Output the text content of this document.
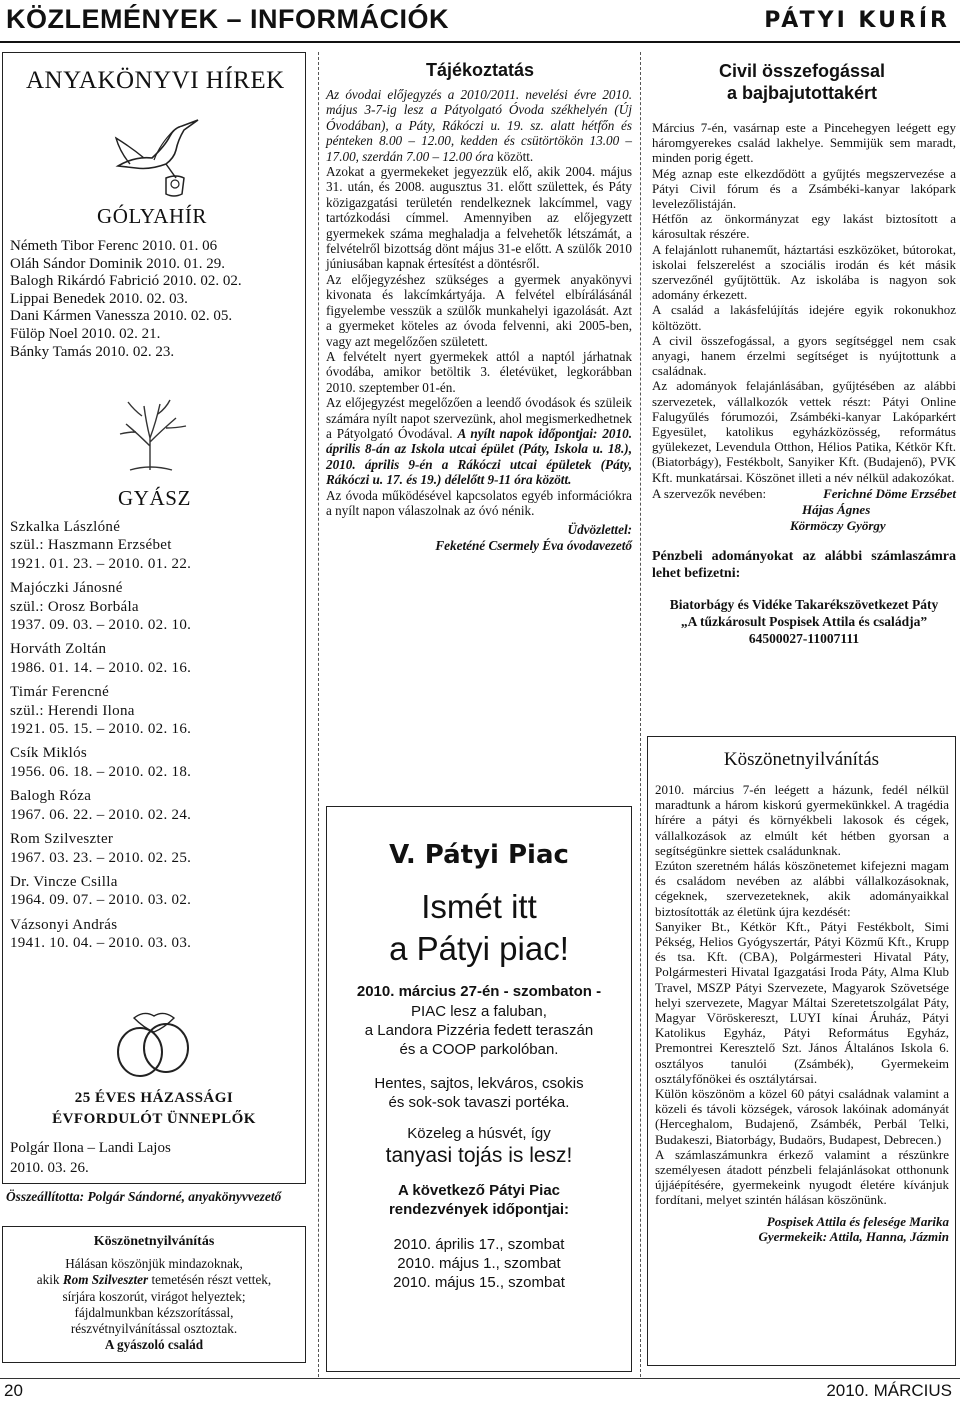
KÖZLEMÉNYEK – INFORMÁCIÓK	PÁTYI KURÍR
ANYAKÖNYVI HÍREK
GÓLYAHÍR
Németh Tibor Ferenc 2010. 01. 06
Oláh Sándor Dominik 2010. 01. 29.
Balogh Rikárdó Fabrició 2010. 02. 02.
Lippai Benedek 2010. 02. 03.
Dani Kármen Vanessza 2010. 02. 05.
Fülöp Noel 2010. 02. 21.
Bánky Tamás 2010. 02. 23.
GYÁSZ
Szkalka Lászlóné
szül.: Haszmann Erzsébet
1921. 01. 23. – 2010. 01. 22.
Majóczki Jánosné
szül.: Orosz Borbála
1937. 09. 03. – 2010. 02. 10.
Horváth Zoltán
1986. 01. 14. – 2010. 02. 16.
Timár Ferencné
szül.: Herendi Ilona
1921. 05. 15. – 2010. 02. 16.
Csík Miklós
1956. 06. 18. – 2010. 02. 18.
Balogh Róza
1967. 06. 22. – 2010. 02. 24.
Rom Szilveszter
1967. 03. 23. – 2010. 02. 25.
Dr. Vincze Csilla
1964. 09. 07. – 2010. 03. 02.
Vázsonyi András
1941. 10. 04. – 2010. 03. 03.
25 ÉVES HÁZASSÁGI
ÉVFORDULÓT ÜNNEPLŐK
Polgár Ilona – Landi Lajos
2010. 03. 26.
Összeállította: Polgár Sándorné, anyakönyvvezető
Köszönetnyilvánítás
Hálásan köszönjük mindazoknak,
akik Rom Szilveszter temetésén részt vettek,
sírjára koszorút, virágot helyeztek;
fájdalmunkban kézszorítással,
részvétnyilvánítással osztoztak.
A gyászoló család
Tájékoztatás

Az óvodai előjegyzés a 2010/2011. nevelési évre 2010. május 3-7-ig lesz a Pátyolgató Óvoda székhelyén (Új Óvodában), a Páty, Rákóczi u. 19. sz. alatt hétfőn és pénteken 8.00 – 12.00, kedden és csütörtökön 13.00 – 17.00, szerdán 7.00 – 12.00 óra között.

Azokat a gyermekeket jegyezzük elő, akik 2004. május 31. után, és 2008. augusztus 31. előtt születtek, és Páty közigazgatási területén rendelkeznek lakcímmel, vagy tartózkodási címmel. Amennyiben az előjegyzett gyermekek száma meghaladja a felvehetők létszámát, a felvételről bizottság dönt május 31-e előtt. A szülők 2010 júniusában kapnak értesítést a döntésről.

Az előjegyzéshez szükséges a gyermek anyakönyvi kivonata és lakcímkártyája. A felvétel elbírálásánál figyelembe vesszük a szülők munkahelyi igazolását. Azt a gyermeket köteles az óvoda felvenni, aki 2005-ben, vagy azt megelőzően született.

A felvételt nyert gyermekek attól a naptól járhatnak óvodába, amikor betöltik 3. életévüket, legkorábban 2010. szeptember 01-én.

Az előjegyzést megelőzően a leendő óvodások és szüleik számára nyílt napot szervezünk, ahol megismerkedhetnek a Pátyolgató Óvodával. A nyílt napok időpontjai: 2010. április 8-án az Iskola utcai épület (Páty, Iskola u. 18.), 2010. április 9-én a Rákóczi utcai épületek (Páty, Rákóczi u. 17. és 19.) délelőtt 9-11 óra között.

Az óvoda működésével kapcsolatos egyéb információkra a nyílt napon válaszolnak az óvó nénik.

Üdvözlettel:

Feketéné Csermely Éva óvodavezető

V. Pátyi Piac
Ismét itt
a Pátyi piac!
2010. március 27-én - szombaton -
PIAC lesz a faluban,
a Landora Pizzéria fedett teraszán
és a COOP parkolóban.
Hentes, sajtos, lekváros, csokis
és sok-sok tavaszi portéka.
Közeleg a húsvét, így
tanyasi tojás is lesz!
A következő Pátyi Piac
rendezvények időpontjai:
2010. április 17., szombat
2010. május 1., szombat
2010. május 15., szombat
Civil összefogással
a bajbajutottakért

Március 7-én, vasárnap este a Pincehegyen leégett egy háromgyerekes család lakhelye. Semmijük sem maradt, minden porig égett.

Még aznap este elkezdődött a gyűjtés megszervezése a Pátyi Civil fórum és a Zsámbéki-kanyar lakópark levelezőlistáján.

Hétfőn az önkormányzat egy lakást biztosított a károsultak részére.

A felajánlott ruhaneműt, háztartási eszközöket, bútorokat, iskolai felszerelést a szociális irodán és két másik szervezőnél gyűjtöttük. Az iskolába is nagyon sok adomány érkezett.

A család a lakásfelújítás idejére egyik rokonukhoz költözött.

A civil összefogással, a gyors segítséggel nem csak anyagi, hanem érzelmi segítséget is nyújtottunk a családnak.

Az adományok felajánlásában, gyűjtésében az alábbi szervezetek, vállalkozók vettek részt: Pátyi Online Falugyűlés fórumozói, Zsámbéki-kanyar Lakóparkért Egyesület, katolikus egyházközösség, református gyülekezet, Levendula Otthon, Hélios Patika, Kétkör Kft. (Biatorbágy), Festékbolt, Sanyiker Kft. (Budajenő), PVK Kft. munkatársai. Köszönet illeti a név nélkül adakozókat.

A szervezők nevében:	Ferichné Döme Erzsébet
Hájas Ágnes
Körmöczy György

Pénzbeli adományokat az alábbi számlaszámra lehet befizetni:

Biatorbágy és Vidéke Takarékszövetkezet Páty

„A tűzkárosult Pospisek Attila és családja”

64500027-11007111

Köszönetnyilvánítás

2010. március 7-én leégett a házunk, fedél nélkül maradtunk a három kiskorú gyermekünkkel. A tragédia hírére a pátyi és környékbeli lakosok és cégek, vállalkozások az elmúlt két hétben gyorsan a segítségünkre siettek családunknak.

Ezúton szeretném hálás köszönetemet kifejezni magam és családom nevében az alábbi vállalkozásoknak, cégeknek, szervezeteknek, akik adományaikkal biztosították az életünk újra kezdését:

Sanyiker Bt., Kétkör Kft., Pátyi Festékbolt, Simi Pékség, Helios Gyógyszertár, Pátyi Közmű Kft., Krupp és tsa. Kft. (CBA), Polgármesteri Hivatal Páty, Polgármesteri Hivatal Igazgatási Iroda Páty, Alma Klub Travel, MSZP Pátyi Szervezete, Magyarok Szövetsége helyi szervezete, Magyar Máltai Szeretetszolgálat Páty, Magyar Vöröskereszt, LUYI kínai Áruház, Pátyi Katolikus Egyház, Pátyi Református Egyház, Premontrei Keresztelő Szt. János Általános Iskola 6. osztályos tanulói (Zsámbék), Gyermekeim osztályfőnökei és osztálytársai.

Külön köszönöm a közel 60 pátyi családnak valamint a közeli és távoli községek, városok lakóinak adományát (Herceghalom, Budajenő, Zsámbék, Perbál Telki, Budakeszi, Biatorbágy, Budaörs, Budapest, Debrecen.)

A számlaszámunkra érkező valamint a részünkre személyesen átadott pénzbeli felajánlásokat otthonunk újjáépítésére, gyermekeink nyugodt életére kívánjuk fordítani, melyet szintén hálásan köszönünk.

Pospisek Attila és felesége Marika

Gyermekeik: Attila, Hanna, Jázmin

20	2010. MÁRCIUS
